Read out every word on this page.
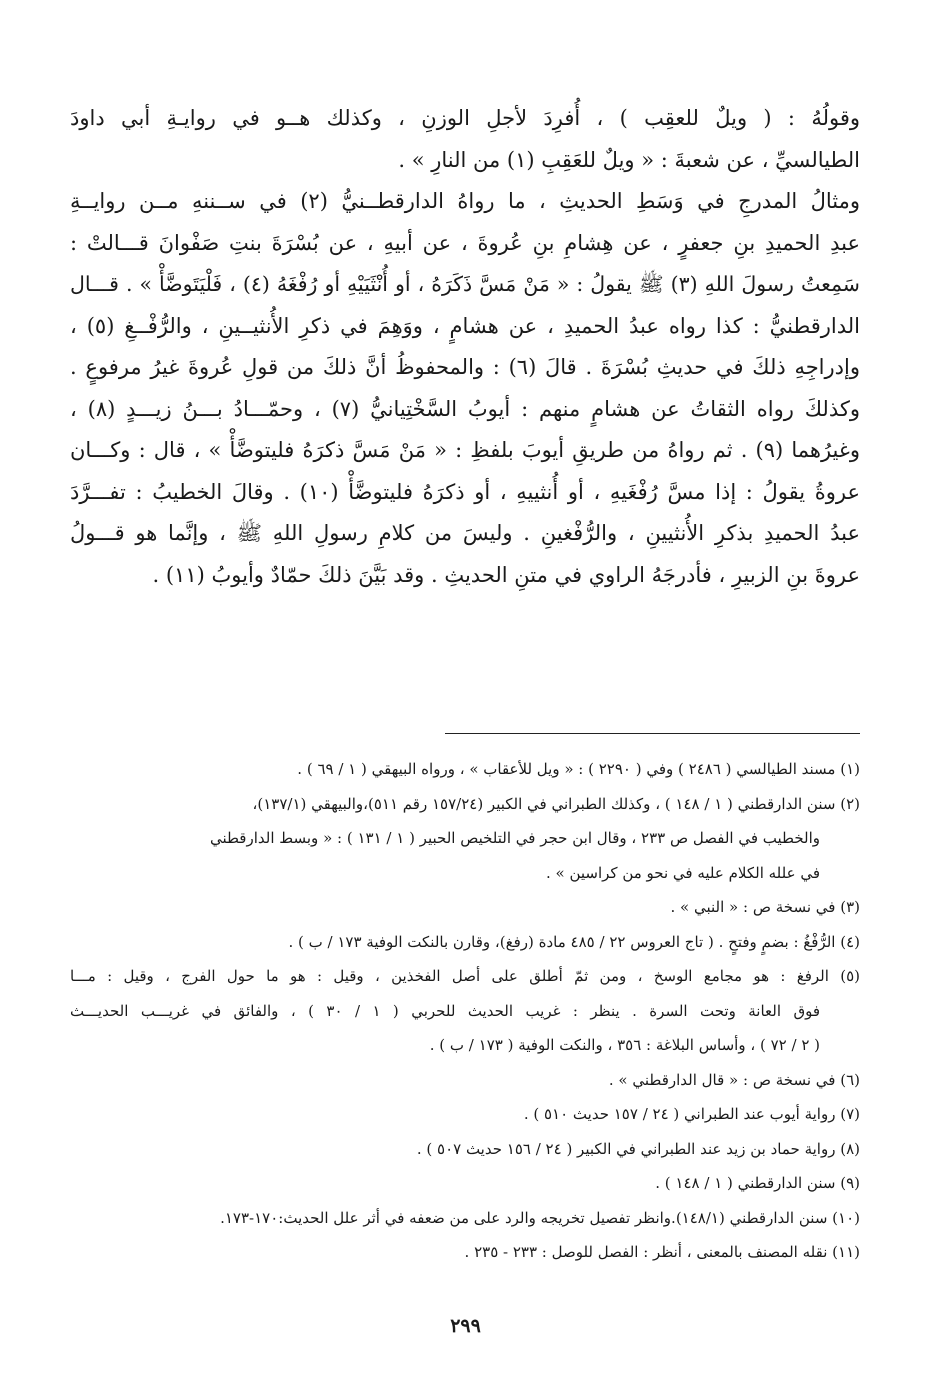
وقولُهُ : ( ويلٌ للعقِب ) ، أُفرِدَ لأجلِ الوزنِ ، وكذلك هــو في روايـةِ أبي داودَ
الطيالسيِّ ، عن شعبةَ : « ويلٌ للعَقِبِ (١) من النارِ » .
ومثالُ المدرجِ في وَسَطِ الحديثِ ، ما رواهُ الدارقطــنيُّ (٢) في ســننهِ مــن روايــةِ
عبدِ الحميدِ بنِ جعفرٍ ، عن هِشامِ بنِ عُروةَ ، عن أبيهِ ، عن بُسْرَةَ بنتِ صَفْوانَ قـــالتْ :
سَمِعتُ رسولَ اللهِ (٣) ﷺ يقولُ : « مَنْ مَسَّ ذَكَرَهُ ، أو أُنْثَيَيْهِ أو رُفْغَهُ (٤) ، فَلْيَتَوضَّأْ » . قـــال
الدارقطنيُّ : كذا رواه عبدُ الحميدِ ، عن هشامٍ ، ووَهِمَ في ذكرِ الأُنثيــينِ ، والرُّفْــغِ (٥) ،
وإدراجِهِ ذلكَ في حديثِ بُسْرَةَ . قالَ (٦) : والمحفوظُ أنَّ ذلكَ من قولِ عُروةَ غيرُ مرفوعٍ .
وكذلكَ رواه الثقاتُ عن هشامٍ منهم : أيوبُ السَّخْتِيانيُّ (٧) ، وحمّـــادُ بـــنُ زيـــدٍ (٨) ،
وغيرُهما (٩) . ثم رواهُ من طريقِ أيوبَ بلفظِ : « مَنْ مَسَّ ذكرَهُ فليتوضَّأْ » ، قال : وكـــان
عروةُ يقولُ : إذا مسَّ رُفْغَيهِ ، أو أُنثييهِ ، أو ذكرَهُ فليتوضَّأْ (١٠) . وقالَ الخطيبُ : تفـــرَّدَ
عبدُ الحميدِ بذكرِ الأُنثيينِ ، والرُّفْغينِ . وليسَ من كلامِ رسولِ اللهِ ﷺ ، وإنَّما هو قـــولُ
عروةَ بنِ الزبيرِ ، فأدرجَهُ الراوي في متنِ الحديثِ . وقد بَيَّنَ ذلكَ حمّادٌ وأيوبُ (١١) .
(١) مسند الطيالسي ( ٢٤٨٦ ) وفي ( ٢٢٩٠ ) : « ويل للأعقاب » ، ورواه البيهقي ( ١ / ٦٩ ) .
(٢) سنن الدارقطني ( ١ / ١٤٨ ) ، وكذلك الطبراني في الكبير (١٥٧/٢٤ رقم ٥١١)،والبيهقي (١٣٧/١)،
والخطيب في الفصل ص ٢٣٣ ، وقال ابن حجر في التلخيص الحبير ( ١ / ١٣١ ) : « وبسط الدارقطني
في علله الكلام عليه في نحو من كراسين » .
(٣) في نسخة ص : « النبي » .
(٤) الرُّفْغُ : بضمٍ وفتحٍ . ( تاج العروس ٢٢ / ٤٨٥ مادة (رفغ)، وقارن بالنكت الوفية ١٧٣ / ب ) .
(٥) الرفغ : هو مجامع الوسخ ، ومن ثمّ أطلق على أصل الفخذين ، وقيل : هو ما حول الفرج ، وقيل : مـــا
فوق العانة وتحت السرة . ينظر : غريب الحديث للحربي ( ١ / ٣٠ ) ، والفائق في غريـــب الحديـــث
( ٢ / ٧٢ ) ، وأساس البلاغة : ٣٥٦ ، والنكت الوفية ( ١٧٣ / ب ) .
(٦) في نسخة ص : « قال الدارقطني » .
(٧) رواية أيوب عند الطبراني ( ٢٤ / ١٥٧ حديث ٥١٠ ) .
(٨) رواية حماد بن زيد عند الطبراني في الكبير ( ٢٤ / ١٥٦ حديث ٥٠٧ ) .
(٩) سنن الدارقطني ( ١ / ١٤٨ ) .
(١٠) سنن الدارقطني (١٤٨/١).وانظر تفصيل تخريجه والرد على من ضعفه في أثر علل الحديث:١٧٠-١٧٣.
(١١) نقله المصنف بالمعنى ، أنظر : الفصل للوصل : ٢٣٣ - ٢٣٥ .
٢٩٩
